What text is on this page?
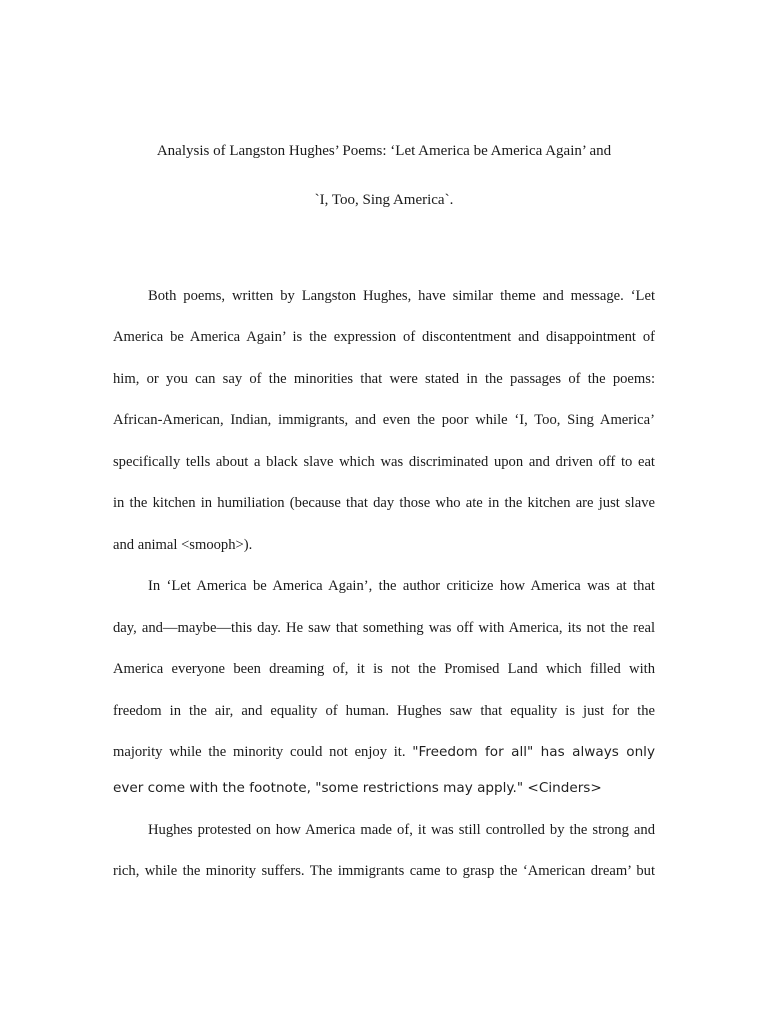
Analysis of Langston Hughes’ Poems: ‘Let America be America Again’ and
`I, Too, Sing America`.
Both poems, written by Langston Hughes, have similar theme and message. ‘Let
America be America Again’ is the expression of discontentment and disappointment of
him, or you can say of the minorities that were stated in the passages of the poems:
African-American, Indian, immigrants, and even the poor while ‘I, Too, Sing America’
specifically tells about a black slave which was discriminated upon and driven off to eat
in the kitchen in humiliation (because that day those who ate in the kitchen are just slave
and animal <smooph>).
In ‘Let America be America Again’, the author criticize how America was at that
day, and—maybe—this day. He saw that something was off with America, its not the real
America everyone been dreaming of, it is not the Promised Land which filled with
freedom in the air, and equality of human. Hughes saw that equality is just for the
majority while the minority could not enjoy it. "Freedom for all" has always only
ever come with the footnote, "some restrictions may apply." <Cinders>
Hughes protested on how America made of, it was still controlled by the strong and
rich, while the minority suffers. The immigrants came to grasp the ‘American dream’ but
